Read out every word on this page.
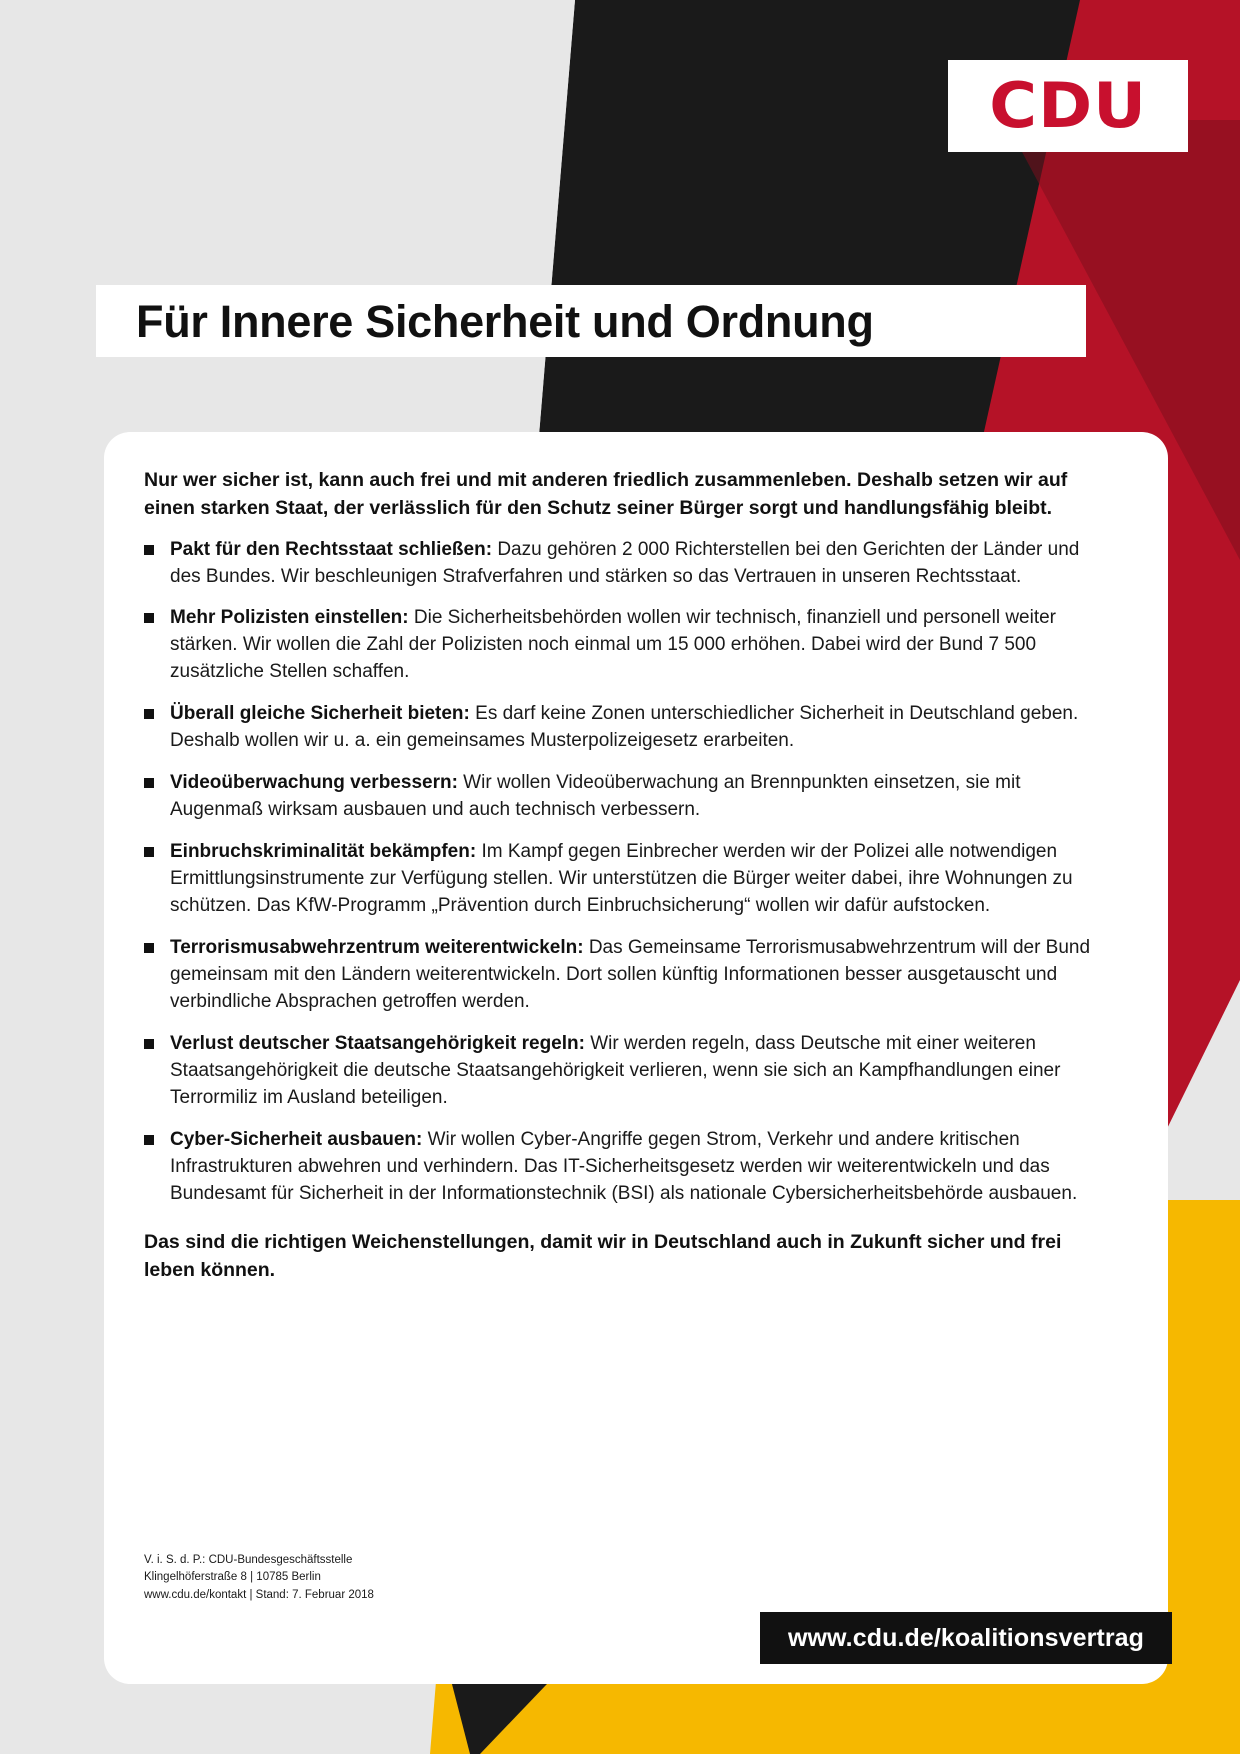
CDU
Für Innere Sicherheit und Ordnung

Nur wer sicher ist, kann auch frei und mit anderen friedlich zusammenleben. Deshalb setzen wir auf einen starken Staat, der verlässlich für den Schutz seiner Bürger sorgt und handlungsfähig bleibt.

Pakt für den Rechtsstaat schließen: Dazu gehören 2 000 Richterstellen bei den Gerichten der Länder und des Bundes. Wir beschleunigen Strafverfahren und stärken so das Vertrauen in unseren Rechtsstaat.
Mehr Polizisten einstellen: Die Sicherheitsbehörden wollen wir technisch, finanziell und personell weiter stärken. Wir wollen die Zahl der Polizisten noch einmal um 15 000 erhöhen. Dabei wird der Bund 7 500 zusätzliche Stellen schaffen.
Überall gleiche Sicherheit bieten: Es darf keine Zonen unterschiedlicher Sicherheit in Deutschland geben. Deshalb wollen wir u. a. ein gemeinsames Musterpolizeigesetz erarbeiten.
Videoüberwachung verbessern: Wir wollen Videoüberwachung an Brennpunkten einsetzen, sie mit Augenmaß wirksam ausbauen und auch technisch verbessern.
Einbruchskriminalität bekämpfen: Im Kampf gegen Einbrecher werden wir der Polizei alle notwendigen Ermittlungsinstrumente zur Verfügung stellen. Wir unterstützen die Bürger weiter dabei, ihre Wohnungen zu schützen. Das KfW-Programm „Prävention durch Einbruchsicherung“ wollen wir dafür aufstocken.
Terrorismusabwehrzentrum weiterentwickeln: Das Gemeinsame Terrorismusabwehrzentrum will der Bund gemeinsam mit den Ländern weiterentwickeln. Dort sollen künftig Informationen besser ausgetauscht und verbindliche Absprachen getroffen werden.
Verlust deutscher Staatsangehörigkeit regeln: Wir werden regeln, dass Deutsche mit einer weiteren Staatsangehörigkeit die deutsche Staatsangehörigkeit verlieren, wenn sie sich an Kampfhandlungen einer Terrormiliz im Ausland beteiligen.
Cyber-Sicherheit ausbauen: Wir wollen Cyber-Angriffe gegen Strom, Verkehr und andere kritischen Infrastrukturen abwehren und verhindern. Das IT-Sicherheitsgesetz werden wir weiterentwickeln und das Bundesamt für Sicherheit in der Informationstechnik (BSI) als nationale Cybersicherheitsbehörde ausbauen.

Das sind die richtigen Weichenstellungen, damit wir in Deutschland auch in Zukunft sicher und frei leben können.

V. i. S. d. P.: CDU-Bundesgeschäftsstelle
Klingelhöferstraße 8 | 10785 Berlin
www.cdu.de/kontakt | Stand: 7. Februar 2018
www.cdu.de/koalitionsvertrag
